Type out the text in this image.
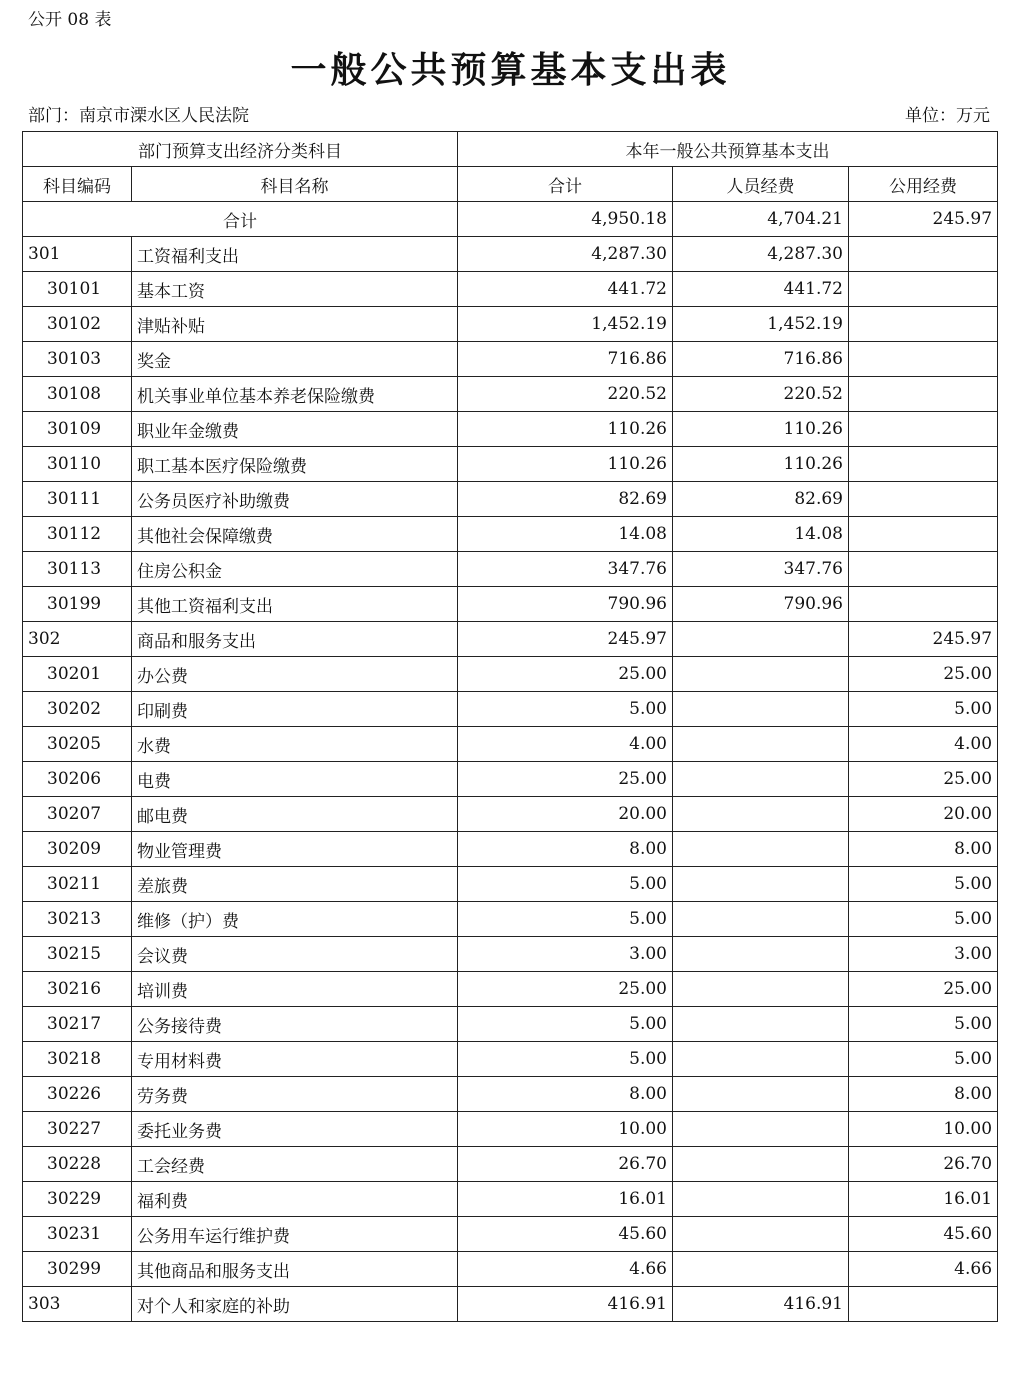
公开 08 表
一般公共预算基本支出表
部门：南京市溧水区人民法院	单位：万元
部门预算支出经济分类科目		本年一般公共预算基本支出		
科目编码	科目名称	合计	人员经费	公用经费
合计		4,950.18	4,704.21	245.97
301	工资福利支出	4,287.30	4,287.30	
30101	基本工资	441.72	441.72	
30102	津贴补贴	1,452.19	1,452.19	
30103	奖金	716.86	716.86	
30108	机关事业单位基本养老保险缴费	220.52	220.52	
30109	职业年金缴费	110.26	110.26	
30110	职工基本医疗保险缴费	110.26	110.26	
30111	公务员医疗补助缴费	82.69	82.69	
30112	其他社会保障缴费	14.08	14.08	
30113	住房公积金	347.76	347.76	
30199	其他工资福利支出	790.96	790.96	
302	商品和服务支出	245.97		245.97
30201	办公费	25.00		25.00
30202	印刷费	5.00		5.00
30205	水费	4.00		4.00
30206	电费	25.00		25.00
30207	邮电费	20.00		20.00
30209	物业管理费	8.00		8.00
30211	差旅费	5.00		5.00
30213	维修（护）费	5.00		5.00
30215	会议费	3.00		3.00
30216	培训费	25.00		25.00
30217	公务接待费	5.00		5.00
30218	专用材料费	5.00		5.00
30226	劳务费	8.00		8.00
30227	委托业务费	10.00		10.00
30228	工会经费	26.70		26.70
30229	福利费	16.01		16.01
30231	公务用车运行维护费	45.60		45.60
30299	其他商品和服务支出	4.66		4.66
303	对个人和家庭的补助	416.91	416.91	
